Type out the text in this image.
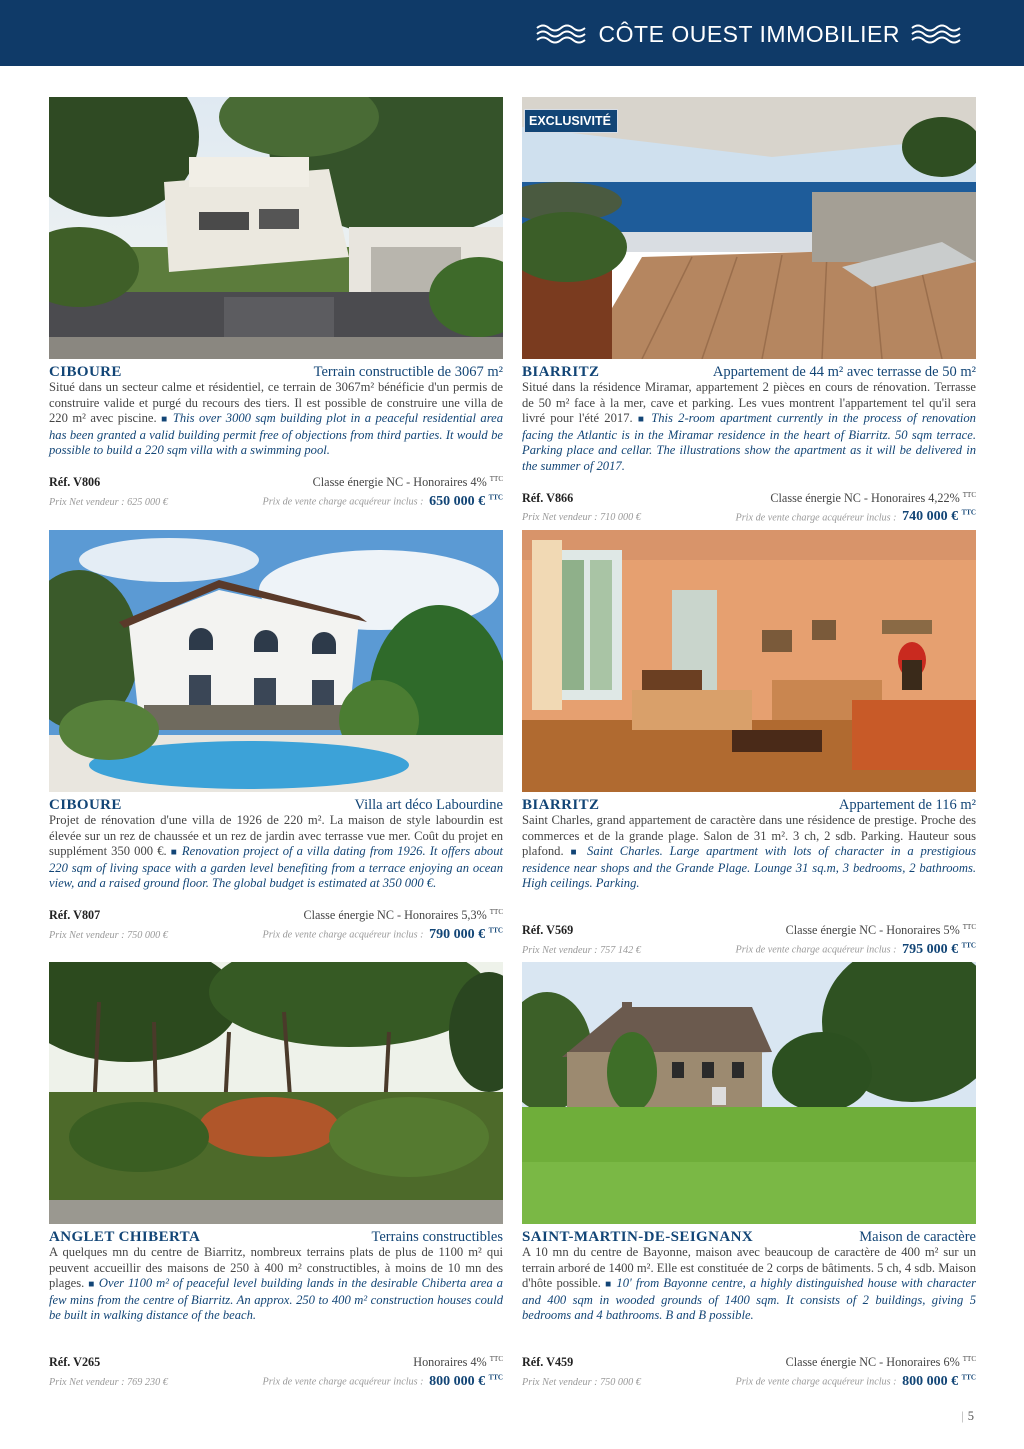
CÔTE OUEST IMMOBILIER
CIBOURE	Terrain constructible de 3067 m²

Situé dans un secteur calme et résidentiel, ce terrain de 3067m² bénéficie d'un permis de construire valide et purgé du recours des tiers. Il est possible de construire une villa de 220 m² avec piscine. ■ This over 3000 sqm building plot in a peaceful residential area has been granted a valid building permit free of objections from third parties. It would be possible to build a 220 sqm villa with a swimming pool.

Réf. V806	Classe énergie NC - Honoraires 4% $^{TTC}$
Prix Net vendeur : 625 000 €	Prix de vente charge acquéreur inclus : 650 000 € $^{TTC}$
EXCLUSIVITÉ
BIARRITZ	Appartement de 44 m² avec terrasse de 50 m²

Situé dans la résidence Miramar, appartement 2 pièces en cours de rénovation. Terrasse de 50 m² face à la mer, cave et parking. Les vues montrent l'appartement tel qu'il sera livré pour l'été 2017. ■ This 2-room apartment currently in the process of renovation facing the Atlantic is in the Miramar residence in the heart of Biarritz. 50 sqm terrace. Parking place and cellar. The illustrations show the apartment as it will be delivered in the summer of 2017.

Réf. V866	Classe énergie NC - Honoraires 4,22% $^{TTC}$
Prix Net vendeur : 710 000 €	Prix de vente charge acquéreur inclus : 740 000 € $^{TTC}$
CIBOURE	Villa art déco Labourdine

Projet de rénovation d'une villa de 1926 de 220 m². La maison de style labourdin est élevée sur un rez de chaussée et un rez de jardin avec terrasse vue mer. Coût du projet en supplément 350 000 €. ■ Renovation project of a villa dating from 1926. It offers about 220 sqm of living space with a garden level benefiting from a terrace enjoying an ocean view, and a raised ground floor. The global budget is estimated at 350 000 €.

Réf. V807	Classe énergie NC - Honoraires 5,3% $^{TTC}$
Prix Net vendeur : 750 000 €	Prix de vente charge acquéreur inclus : 790 000 € $^{TTC}$
BIARRITZ	Appartement de 116 m²

Saint Charles, grand appartement de caractère dans une résidence de prestige. Proche des commerces et de la grande plage. Salon de 31 m². 3 ch, 2 sdb. Parking. Hauteur sous plafond. ■ Saint Charles. Large apartment with lots of character in a prestigious residence near shops and the Grande Plage. Lounge 31 sq.m, 3 bedrooms, 2 bathrooms. High ceilings. Parking.

Réf. V569	Classe énergie NC - Honoraires 5% $^{TTC}$
Prix Net vendeur : 757 142 €	Prix de vente charge acquéreur inclus : 795 000 € $^{TTC}$
ANGLET CHIBERTA	Terrains constructibles

A quelques mn du centre de Biarritz, nombreux terrains plats de plus de 1100 m² qui peuvent accueillir des maisons de 250 à 400 m² constructibles, à moins de 10 mn des plages. ■ Over 1100 m² of peaceful level building lands in the desirable Chiberta area a few mins from the centre of Biarritz. An approx. 250 to 400 m² construction houses could be built in walking distance of the beach.

Réf. V265	Honoraires 4% $^{TTC}$
Prix Net vendeur : 769 230 €	Prix de vente charge acquéreur inclus : 800 000 € $^{TTC}$
SAINT-MARTIN-DE-SEIGNANX	Maison de caractère

A 10 mn du centre de Bayonne, maison avec beaucoup de caractère de 400 m² sur un terrain arboré de 1400 m². Elle est constituée de 2 corps de bâtiments. 5 ch, 4 sdb. Maison d'hôte possible. ■ 10' from Bayonne centre, a highly distinguished house with character and 400 sqm in wooded grounds of 1400 sqm. It consists of 2 buildings, giving 5 bedrooms and 4 bathrooms. B and B possible.

Réf. V459	Classe énergie NC - Honoraires 6% $^{TTC}$
Prix Net vendeur : 750 000 €	Prix de vente charge acquéreur inclus : 800 000 € $^{TTC}$
| 5
